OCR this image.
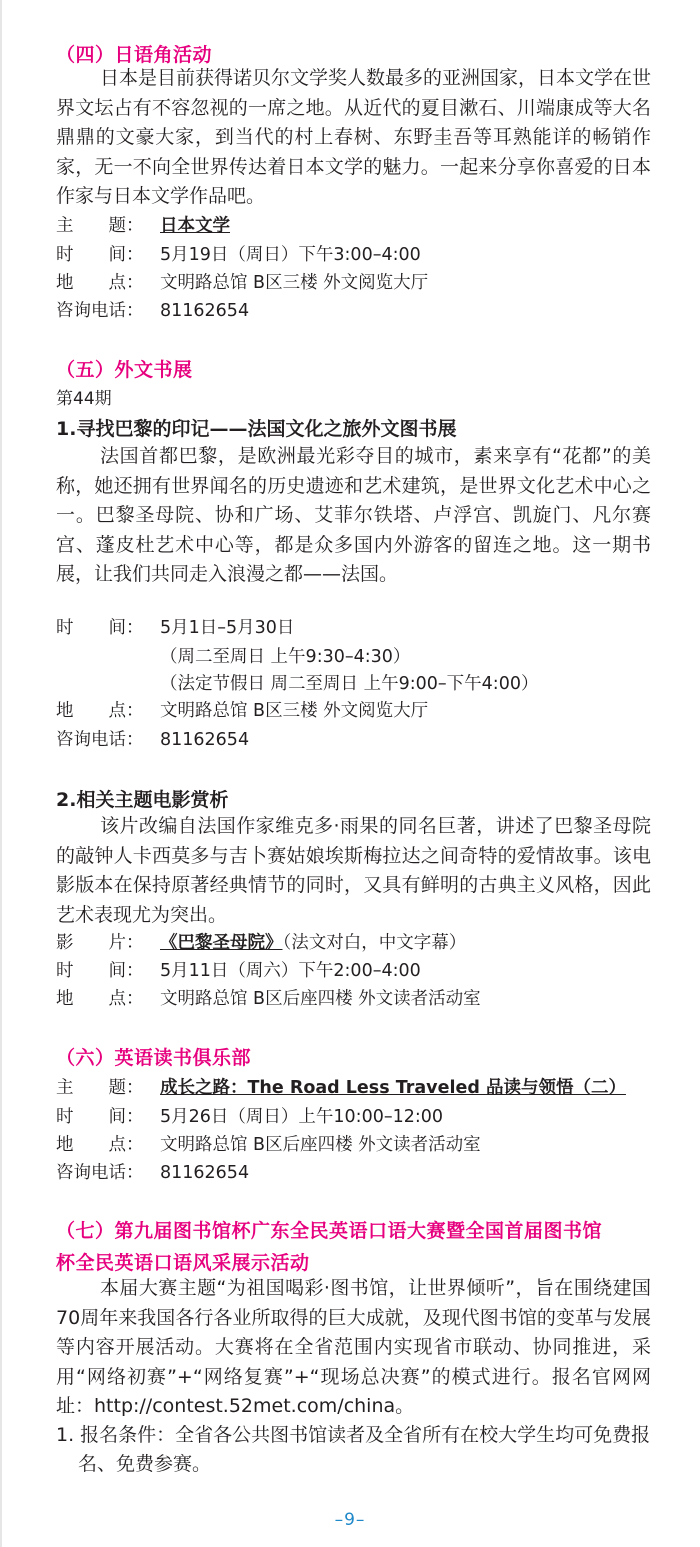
（四）日语角活动
日本是目前获得诺贝尔文学奖人数最多的亚洲国家，日本文学在世界文坛占有不容忽视的一席之地。从近代的夏目漱石、川端康成等大名鼎鼎的文豪大家，到当代的村上春树、东野圭吾等耳熟能详的畅销作家，无一不向全世界传达着日本文学的魅力。一起来分享你喜爱的日本作家与日本文学作品吧。
主　　题： 日本文学
时　　间： 5月19日（周日）下午3:00–4:00
地　　点： 文明路总馆 B区三楼 外文阅览大厅
咨询电话： 81162654
（五）外文书展
第44期
1.寻找巴黎的印记——法国文化之旅外文图书展
法国首都巴黎，是欧洲最光彩夺目的城市，素来享有“花都”的美称，她还拥有世界闻名的历史遗迹和艺术建筑，是世界文化艺术中心之一。巴黎圣母院、协和广场、艾菲尔铁塔、卢浮宫、凯旋门、凡尔赛宫、蓬皮杜艺术中心等，都是众多国内外游客的留连之地。这一期书展，让我们共同走入浪漫之都——法国。
时　　间： 5月1日–5月30日
（周二至周日 上午9:30–4:30）
（法定节假日 周二至周日 上午9:00–下午4:00）
地　　点： 文明路总馆 B区三楼 外文阅览大厅
咨询电话： 81162654
2.相关主题电影赏析
该片改编自法国作家维克多·雨果的同名巨著，讲述了巴黎圣母院的敲钟人卡西莫多与吉卜赛姑娘埃斯梅拉达之间奇特的爱情故事。该电影版本在保持原著经典情节的同时，又具有鲜明的古典主义风格，因此艺术表现尤为突出。
影　　片： 《巴黎圣母院》（法文对白，中文字幕）
时　　间： 5月11日（周六）下午2:00–4:00
地　　点： 文明路总馆 B区后座四楼 外文读者活动室
（六）英语读书俱乐部
主　　题： 成长之路：The Road Less Traveled 品读与领悟（二）
时　　间： 5月26日（周日）上午10:00–12:00
地　　点： 文明路总馆 B区后座四楼 外文读者活动室
咨询电话： 81162654
（七）第九届图书馆杯广东全民英语口语大赛暨全国首届图书馆
杯全民英语口语风采展示活动
本届大赛主题“为祖国喝彩·图书馆，让世界倾听”，旨在围绕建国70周年来我国各行各业所取得的巨大成就，及现代图书馆的变革与发展等内容开展活动。大赛将在全省范围内实现省市联动、协同推进，采用“网络初赛”+“网络复赛”+“现场总决赛”的模式进行。报名官网网址：http://contest.52met.com/china。
1. 报名条件：全省各公共图书馆读者及全省所有在校大学生均可免费报名、免费参赛。
–9–
